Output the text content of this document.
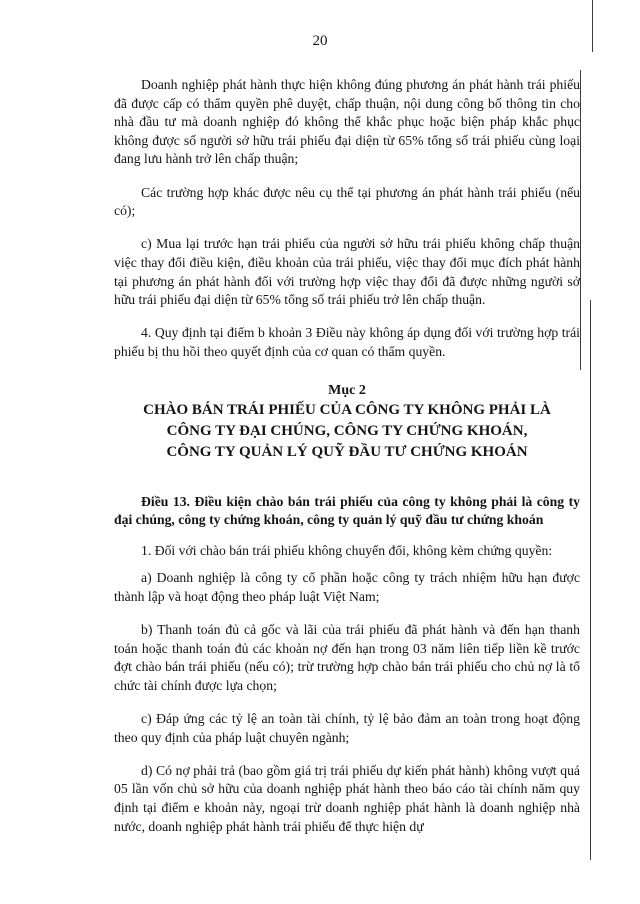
20

Doanh nghiệp phát hành thực hiện không đúng phương án phát hành trái phiếu đã được cấp có thẩm quyền phê duyệt, chấp thuận, nội dung công bố thông tin cho nhà đầu tư mà doanh nghiệp đó không thể khắc phục hoặc biện pháp khắc phục không được số người sở hữu trái phiếu đại diện từ 65% tổng số trái phiếu cùng loại đang lưu hành trở lên chấp thuận;

Các trường hợp khác được nêu cụ thể tại phương án phát hành trái phiếu (nếu có);

c) Mua lại trước hạn trái phiếu của người sở hữu trái phiếu không chấp thuận việc thay đổi điều kiện, điều khoản của trái phiếu, việc thay đổi mục đích phát hành tại phương án phát hành đối với trường hợp việc thay đổi đã được những người sở hữu trái phiếu đại diện từ 65% tổng số trái phiếu trở lên chấp thuận.

4. Quy định tại điểm b khoản 3 Điều này không áp dụng đối với trường hợp trái phiếu bị thu hồi theo quyết định của cơ quan có thẩm quyền.

Mục 2
CHÀO BÁN TRÁI PHIẾU CỦA CÔNG TY KHÔNG PHẢI LÀ
CÔNG TY ĐẠI CHÚNG, CÔNG TY CHỨNG KHOÁN,
CÔNG TY QUẢN LÝ QUỸ ĐẦU TƯ CHỨNG KHOÁN

Điều 13. Điều kiện chào bán trái phiếu của công ty không phải là công ty đại chúng, công ty chứng khoán, công ty quản lý quỹ đầu tư chứng khoán

1. Đối với chào bán trái phiếu không chuyển đổi, không kèm chứng quyền:

a) Doanh nghiệp là công ty cổ phần hoặc công ty trách nhiệm hữu hạn được thành lập và hoạt động theo pháp luật Việt Nam;

b) Thanh toán đủ cả gốc và lãi của trái phiếu đã phát hành và đến hạn thanh toán hoặc thanh toán đủ các khoản nợ đến hạn trong 03 năm liên tiếp liền kề trước đợt chào bán trái phiếu (nếu có); trừ trường hợp chào bán trái phiếu cho chủ nợ là tổ chức tài chính được lựa chọn;

c) Đáp ứng các tỷ lệ an toàn tài chính, tỷ lệ bảo đảm an toàn trong hoạt động theo quy định của pháp luật chuyên ngành;

d) Có nợ phải trả (bao gồm giá trị trái phiếu dự kiến phát hành) không vượt quá 05 lần vốn chủ sở hữu của doanh nghiệp phát hành theo báo cáo tài chính năm quy định tại điểm e khoản này, ngoại trừ doanh nghiệp phát hành là doanh nghiệp nhà nước, doanh nghiệp phát hành trái phiếu để thực hiện dự
